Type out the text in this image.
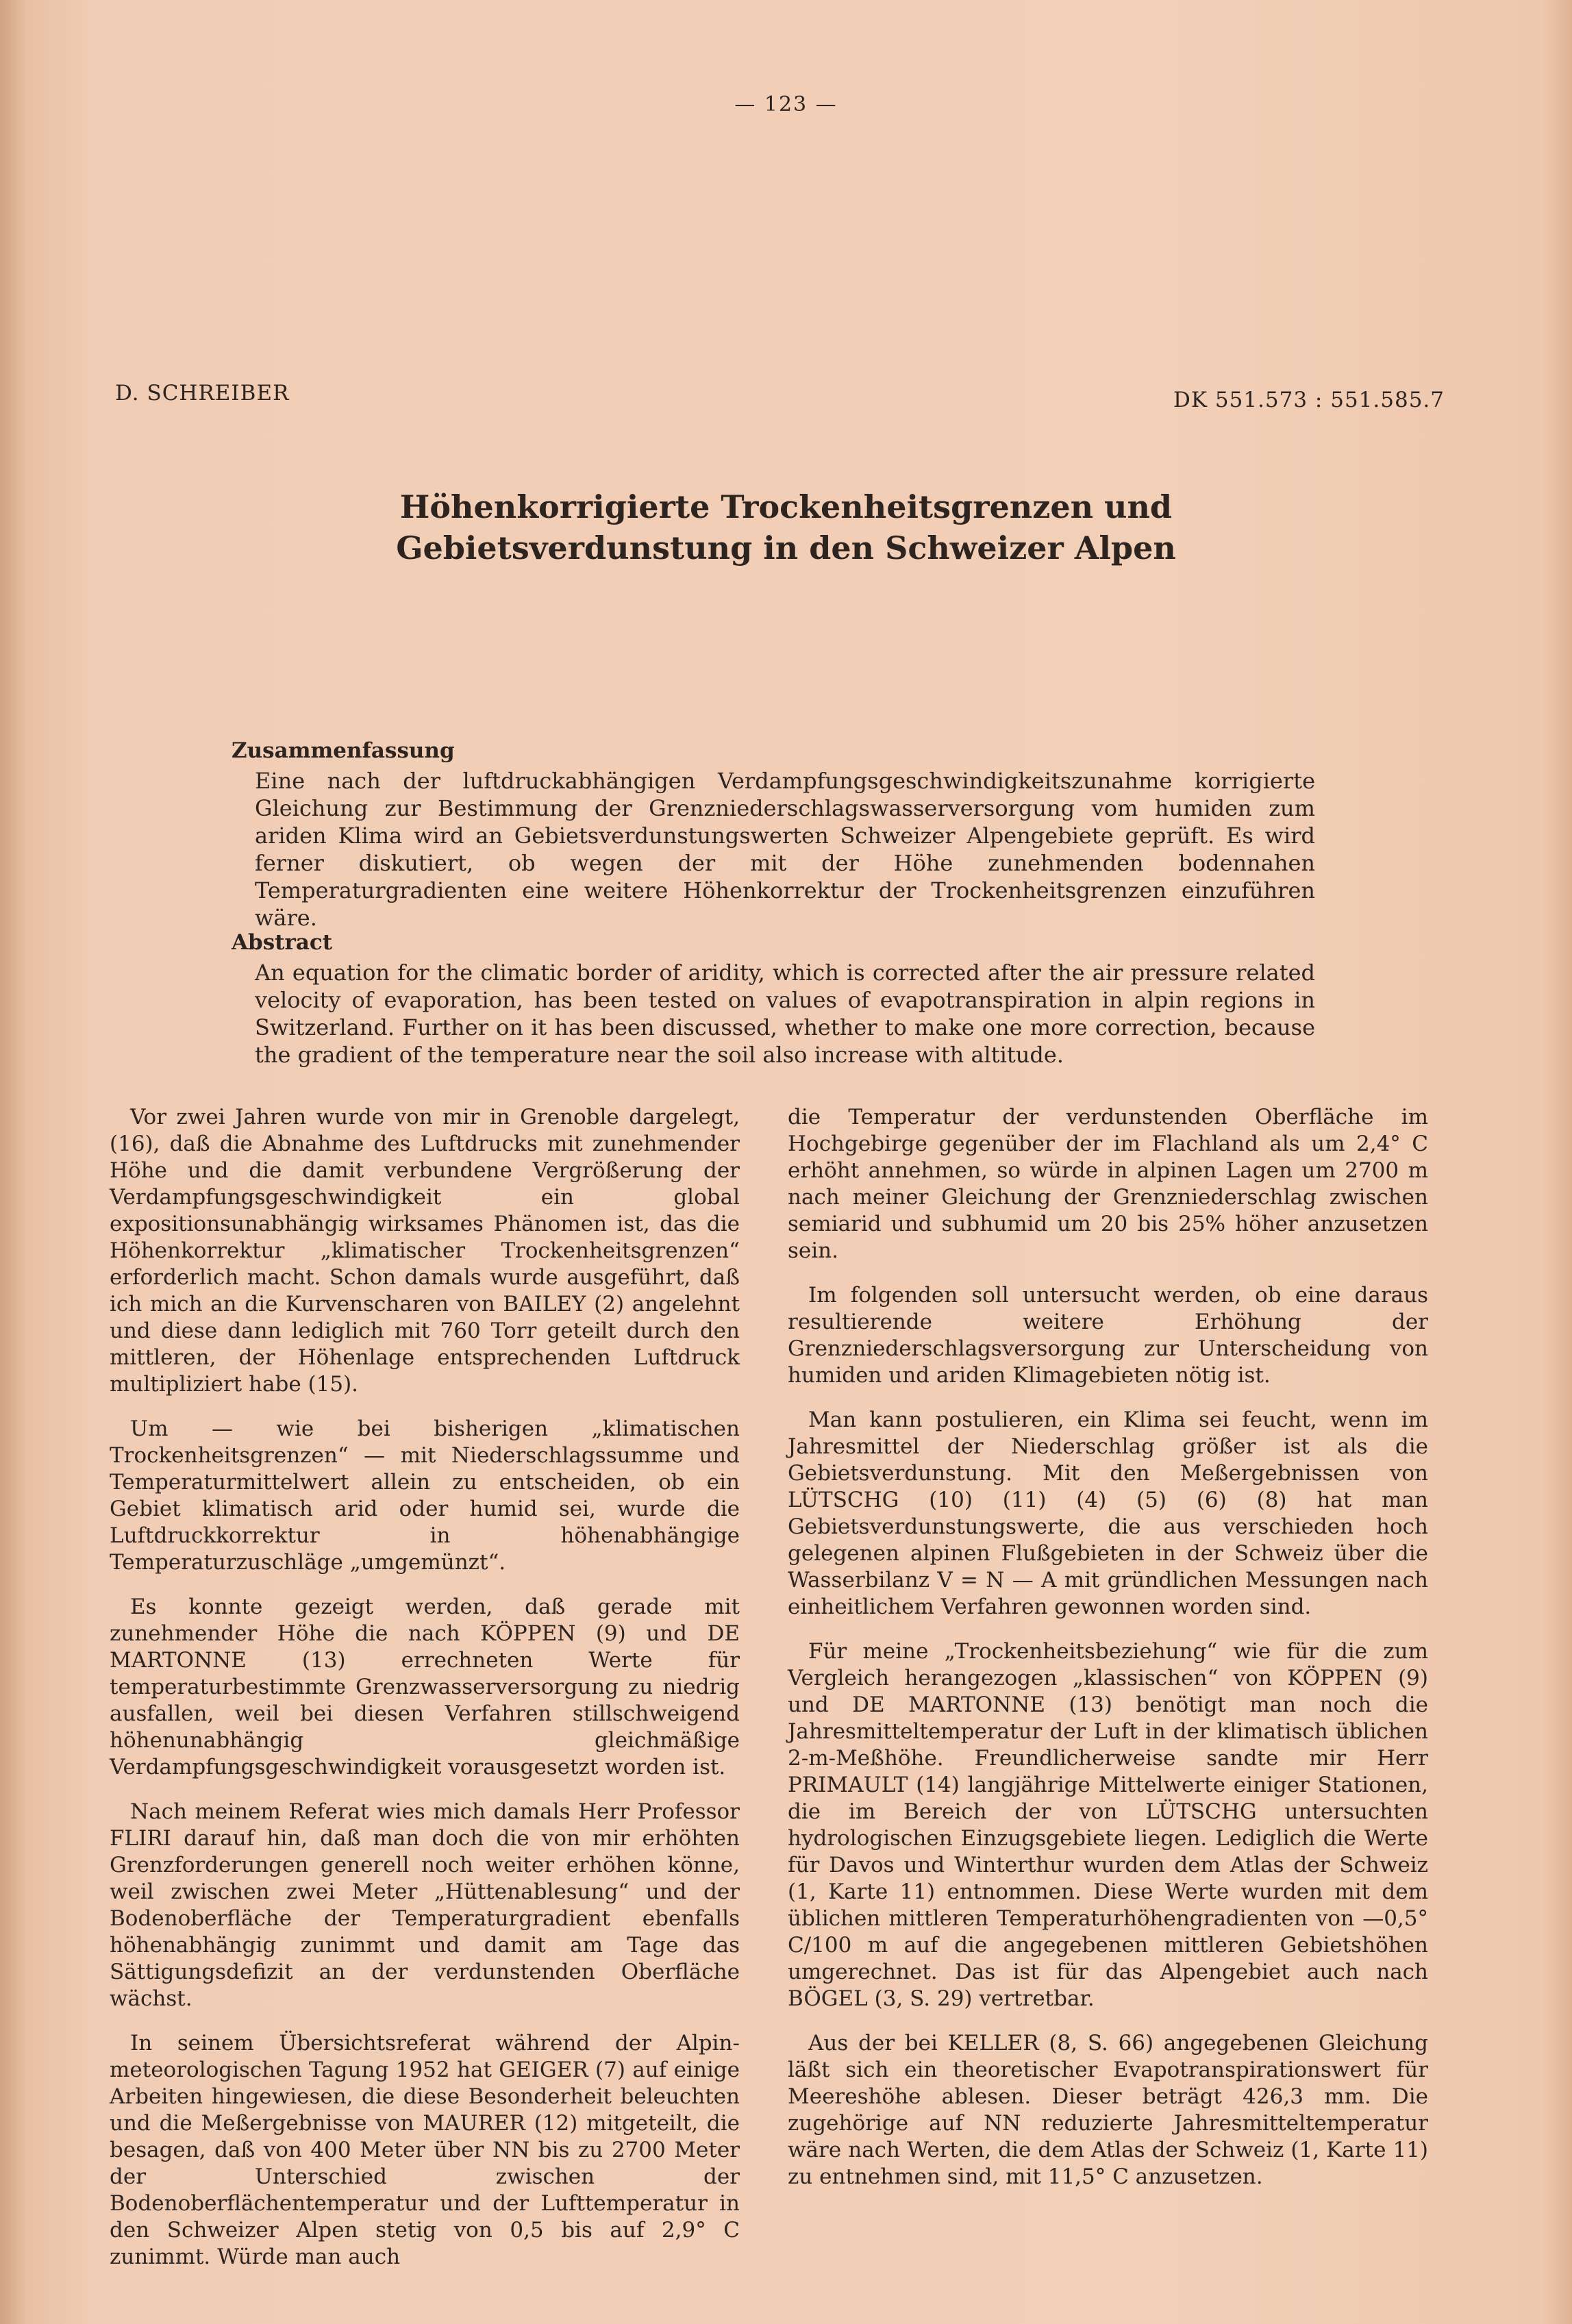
— 123 —
D. SCHREIBER	DK 551.573 : 551.585.7
Höhenkorrigierte Trockenheitsgrenzen und
Gebietsverdunstung in den Schweizer Alpen
Zusammenfassung

Eine nach der luftdruckabhängigen Verdampfungsgeschwindigkeitszunahme korrigierte Gleichung zur Bestimmung der Grenzniederschlagswasserversorgung vom humiden zum ariden Klima wird an Gebietsverdunstungswerten Schweizer Alpengebiete geprüft. Es wird ferner diskutiert, ob wegen der mit der Höhe zunehmenden bodennahen Temperaturgradienten eine weitere Höhenkorrektur der Trockenheitsgrenzen einzuführen wäre.

Abstract

An equation for the climatic border of aridity, which is corrected after the air pressure related velocity of evaporation, has been tested on values of evapotranspiration in alpin regions in Switzerland. Further on it has been discussed, whether to make one more correction, because the gradient of the temperature near the soil also increase with altitude.

Vor zwei Jahren wurde von mir in Grenoble dargelegt, (16), daß die Abnahme des Luftdrucks mit zunehmender Höhe und die damit verbundene Vergrößerung der Verdampfungsgeschwindigkeit ein global expositionsunabhängig wirksames Phänomen ist, das die Höhenkorrektur „klimatischer Trockenheitsgrenzen“ erforderlich macht. Schon damals wurde ausgeführt, daß ich mich an die Kurvenscharen von BAILEY (2) angelehnt und diese dann lediglich mit 760 Torr geteilt durch den mittleren, der Höhenlage entsprechenden Luftdruck multipliziert habe (15).

Um — wie bei bisherigen „klimatischen Trockenheitsgrenzen“ — mit Niederschlagssumme und Temperaturmittelwert allein zu entscheiden, ob ein Gebiet klimatisch arid oder humid sei, wurde die Luftdruckkorrektur in höhenabhängige Temperaturzuschläge „umgemünzt“.

Es konnte gezeigt werden, daß gerade mit zunehmender Höhe die nach KÖPPEN (9) und DE MARTONNE (13) errechneten Werte für temperaturbestimmte Grenzwasserversorgung zu niedrig ausfallen, weil bei diesen Verfahren stillschweigend höhenunabhängig gleichmäßige Verdampfungsgeschwindigkeit vorausgesetzt worden ist.

Nach meinem Referat wies mich damals Herr Professor FLIRI darauf hin, daß man doch die von mir erhöhten Grenzforderungen generell noch weiter erhöhen könne, weil zwischen zwei Meter „Hüttenablesung“ und der Bodenoberfläche der Temperaturgradient ebenfalls höhenabhängig zunimmt und damit am Tage das Sättigungsdefizit an der verdunstenden Oberfläche wächst.

In seinem Übersichtsreferat während der Alpin-meteorologischen Tagung 1952 hat GEIGER (7) auf einige Arbeiten hingewiesen, die diese Besonderheit beleuchten und die Meßergebnisse von MAURER (12) mitgeteilt, die besagen, daß von 400 Meter über NN bis zu 2700 Meter der Unterschied zwischen der Bodenoberflächentemperatur und der Lufttemperatur in den Schweizer Alpen stetig von 0,5 bis auf 2,9° C zunimmt. Würde man auch

die Temperatur der verdunstenden Oberfläche im Hochgebirge gegenüber der im Flachland als um 2,4° C erhöht annehmen, so würde in alpinen Lagen um 2700 m nach meiner Gleichung der Grenzniederschlag zwischen semiarid und subhumid um 20 bis 25% höher anzusetzen sein.

Im folgenden soll untersucht werden, ob eine daraus resultierende weitere Erhöhung der Grenzniederschlagsversorgung zur Unterscheidung von humiden und ariden Klimagebieten nötig ist.

Man kann postulieren, ein Klima sei feucht, wenn im Jahresmittel der Niederschlag größer ist als die Gebietsverdunstung. Mit den Meßergebnissen von LÜTSCHG (10) (11) (4) (5) (6) (8) hat man Gebietsverdunstungswerte, die aus verschieden hoch gelegenen alpinen Flußgebieten in der Schweiz über die Wasserbilanz V = N — A mit gründlichen Messungen nach einheitlichem Verfahren gewonnen worden sind.

Für meine „Trockenheitsbeziehung“ wie für die zum Vergleich herangezogen „klassischen“ von KÖPPEN (9) und DE MARTONNE (13) benötigt man noch die Jahresmitteltemperatur der Luft in der klimatisch üblichen 2-m-Meßhöhe. Freundlicherweise sandte mir Herr PRIMAULT (14) langjährige Mittelwerte einiger Stationen, die im Bereich der von LÜTSCHG untersuchten hydrologischen Einzugsgebiete liegen. Lediglich die Werte für Davos und Winterthur wurden dem Atlas der Schweiz (1, Karte 11) entnommen. Diese Werte wurden mit dem üblichen mittleren Temperaturhöhengradienten von —0,5° C/100 m auf die angegebenen mittleren Gebietshöhen umgerechnet. Das ist für das Alpengebiet auch nach BÖGEL (3, S. 29) vertretbar.

Aus der bei KELLER (8, S. 66) angegebenen Gleichung läßt sich ein theoretischer Evapotranspirationswert für Meereshöhe ablesen. Dieser beträgt 426,3 mm. Die zugehörige auf NN reduzierte Jahresmitteltemperatur wäre nach Werten, die dem Atlas der Schweiz (1, Karte 11) zu entnehmen sind, mit 11,5° C anzusetzen.
